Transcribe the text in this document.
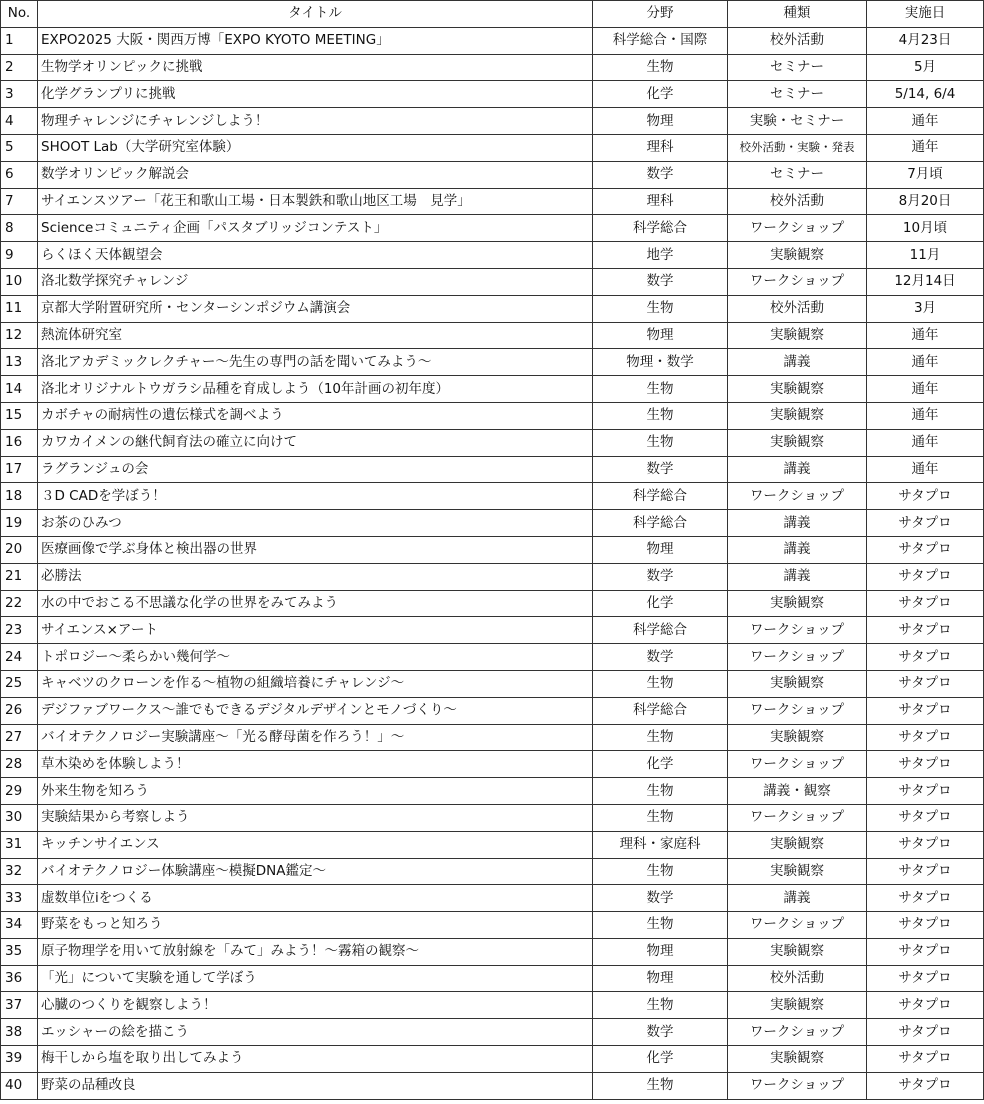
No.	タイトル	分野	種類	実施日
1	EXPO2025 大阪・関西万博「EXPO KYOTO MEETING」	科学総合・国際	校外活動	4月23日
2	生物学オリンピックに挑戦	生物	セミナー	5月
3	化学グランプリに挑戦	化学	セミナー	5/14, 6/4
4	物理チャレンジにチャレンジしよう！	物理	実験・セミナー	通年
5	SHOOT Lab（大学研究室体験）	理科	校外活動・実験・発表	通年
6	数学オリンピック解説会	数学	セミナー	7月頃
7	サイエンスツアー「花王和歌山工場・日本製鉄和歌山地区工場　見学」	理科	校外活動	8月20日
8	Scienceコミュニティ企画「パスタブリッジコンテスト」	科学総合	ワークショップ	10月頃
9	らくほく天体観望会	地学	実験観察	11月
10	洛北数学探究チャレンジ	数学	ワークショップ	12月14日
11	京都大学附置研究所・センターシンポジウム講演会	生物	校外活動	3月
12	熱流体研究室	物理	実験観察	通年
13	洛北アカデミックレクチャー～先生の専門の話を聞いてみよう～	物理・数学	講義	通年
14	洛北オリジナルトウガラシ品種を育成しよう（10年計画の初年度）	生物	実験観察	通年
15	カボチャの耐病性の遺伝様式を調べよう	生物	実験観察	通年
16	カワカイメンの継代飼育法の確立に向けて	生物	実験観察	通年
17	ラグランジュの会	数学	講義	通年
18	３D CADを学ぼう！	科学総合	ワークショップ	サタプロ
19	お茶のひみつ	科学総合	講義	サタプロ
20	医療画像で学ぶ身体と検出器の世界	物理	講義	サタプロ
21	必勝法	数学	講義	サタプロ
22	水の中でおこる不思議な化学の世界をみてみよう	化学	実験観察	サタプロ
23	サイエンス×アート	科学総合	ワークショップ	サタプロ
24	トポロジー～柔らかい幾何学～	数学	ワークショップ	サタプロ
25	キャベツのクローンを作る～植物の組織培養にチャレンジ～	生物	実験観察	サタプロ
26	デジファブワークス～誰でもできるデジタルデザインとモノづくり～	科学総合	ワークショップ	サタプロ
27	バイオテクノロジー実験講座～「光る酵母菌を作ろう！」～	生物	実験観察	サタプロ
28	草木染めを体験しよう！	化学	ワークショップ	サタプロ
29	外来生物を知ろう	生物	講義・観察	サタプロ
30	実験結果から考察しよう	生物	ワークショップ	サタプロ
31	キッチンサイエンス	理科・家庭科	実験観察	サタプロ
32	バイオテクノロジー体験講座～模擬DNA鑑定～	生物	実験観察	サタプロ
33	虚数単位iをつくる	数学	講義	サタプロ
34	野菜をもっと知ろう	生物	ワークショップ	サタプロ
35	原子物理学を用いて放射線を「みて」みよう！～霧箱の観察～	物理	実験観察	サタプロ
36	「光」について実験を通して学ぼう	物理	校外活動	サタプロ
37	心臓のつくりを観察しよう！	生物	実験観察	サタプロ
38	エッシャーの絵を描こう	数学	ワークショップ	サタプロ
39	梅干しから塩を取り出してみよう	化学	実験観察	サタプロ
40	野菜の品種改良	生物	ワークショップ	サタプロ
